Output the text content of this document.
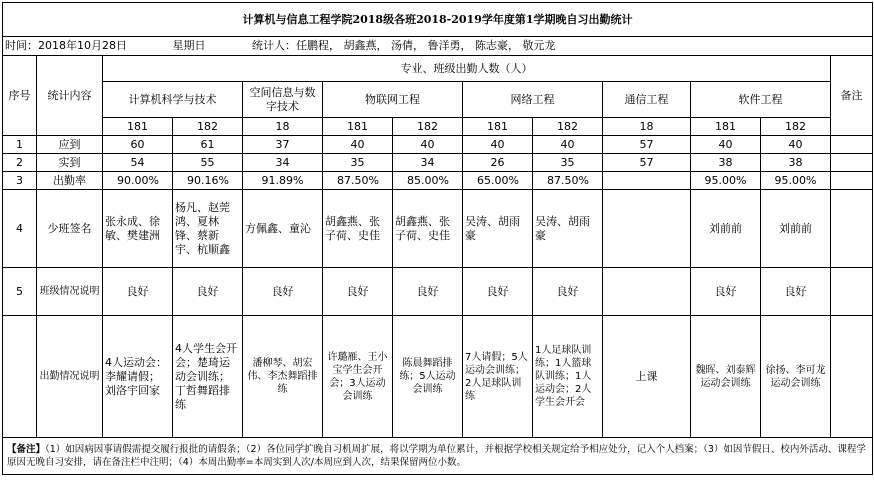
计算机与信息工程学院2018级各班2018-2019学年度第1学期晚自习出勤统计												
时间：2018年10月28日 星期日 统计人：任鹏程， 胡鑫燕， 汤倩， 鲁洋勇， 陈志豪， 敬元龙												
序号	统计内容	专业、班级出勤人数（人）										备注
		计算机科学与技术		空间信息与数字技术	物联网工程		网络工程		通信工程	软件工程		
		181	182	18	181	182	181	182	18	181	182	
1	应到	60	61	37	40	40	40	40	57	40	40	
2	实到	54	55	34	35	34	26	35	57	38	38	
3	出勤率	90.00%	90.16%	91.89%	87.50%	85.00%	65.00%	87.50%		95.00%	95.00%	
4	少班签名	张永成、徐敏、樊建洲	杨凡、赵莞鸿、夏林锋、蔡新宇、杭顺鑫	方佩鑫、童沁	胡鑫燕、张子荷、史佳	胡鑫燕、张子荷、史佳	吴涛、胡雨豪	吴涛、胡雨豪		刘前前	刘前前	
5	班级情况说明	良好	良好	良好	良好	良好	良好	良好		良好	良好	
	出勤情况说明	4人运动会：李耀请假；刘洛宇回家	4人学生会开会；楚琦运动会训练；丁哲舞蹈排练	潘柳琴、胡宏伟、李杰舞蹈排练	许璐雁、王小宝学生会开会；3人运动会训练	陈晨舞蹈排练；5人运动会训练	7人请假；5人运动会训练；2人足球队训练	1人足球队训练；1人篮球队训练；1人运动会；2人学生会开会	上课	魏晖、刘泰辉运动会训练	徐扬、李可龙运动会训练	
【备注】（1）如因病因事请假需提交履行报批的请假条；（2）各位同学扩晚自习机周扩展，将以学期为单位累计，并根据学校相关规定给予相应处分，记入个人档案；（3）如因节假日、校内外活动、课程学原因无晚自习安排，请在备注栏中注明；（4）本周出勤率=本周实到人次/本周应到人次，结果保留两位小数。												
